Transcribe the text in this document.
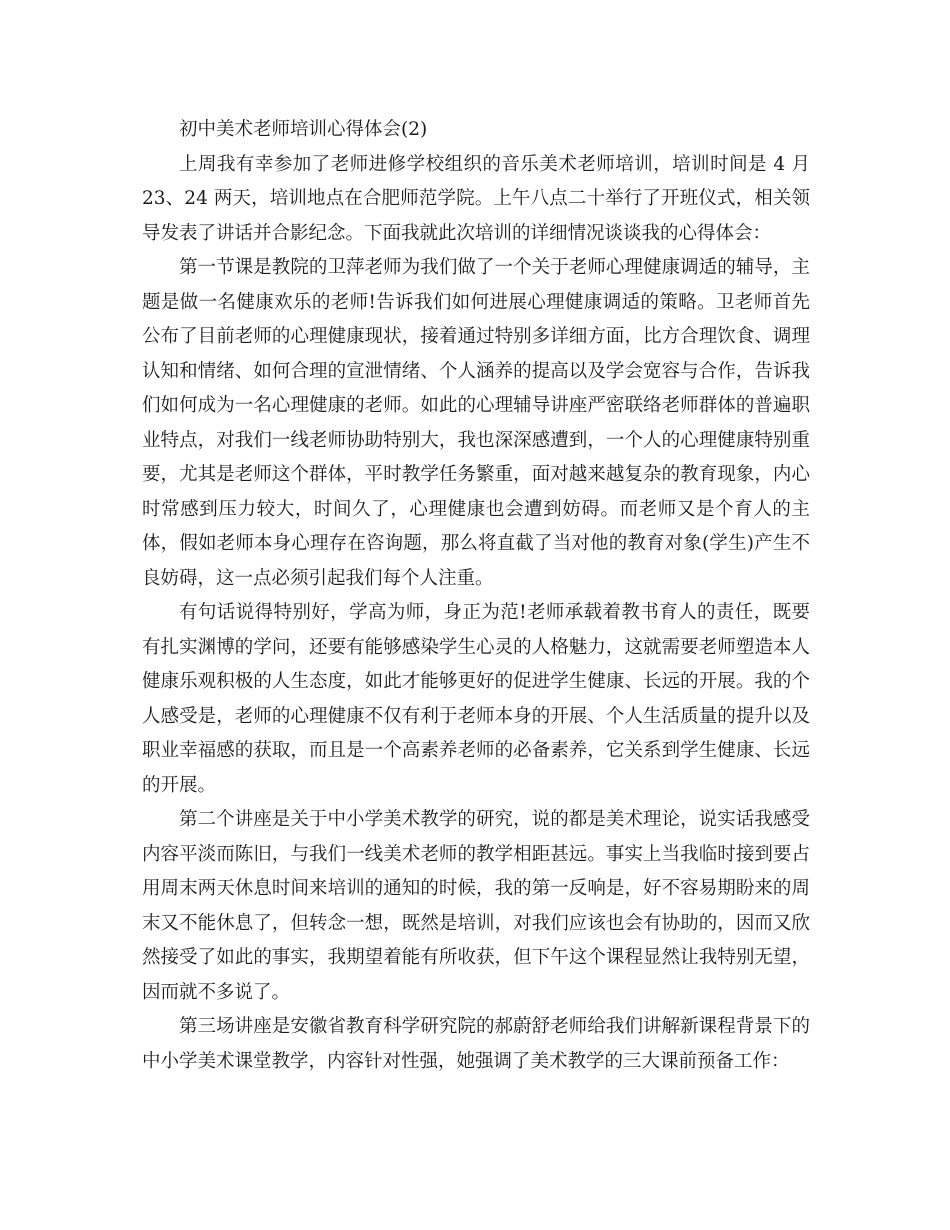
初中美术老师培训心得体会(2)

上周我有幸参加了老师进修学校组织的音乐美术老师培训，培训时间是 4 月 23、24 两天，培训地点在合肥师范学院。上午八点二十举行了开班仪式，相关领导发表了讲话并合影纪念。下面我就此次培训的详细情况谈谈我的心得体会：

第一节课是教院的卫萍老师为我们做了一个关于老师心理健康调适的辅导，主题是做一名健康欢乐的老师!告诉我们如何进展心理健康调适的策略。卫老师首先公布了目前老师的心理健康现状，接着通过特别多详细方面，比方合理饮食、调理认知和情绪、如何合理的宣泄情绪、个人涵养的提高以及学会宽容与合作，告诉我们如何成为一名心理健康的老师。如此的心理辅导讲座严密联络老师群体的普遍职业特点，对我们一线老师协助特别大，我也深深感遭到，一个人的心理健康特别重要，尤其是老师这个群体，平时教学任务繁重，面对越来越复杂的教育现象，内心时常感到压力较大，时间久了，心理健康也会遭到妨碍。而老师又是个育人的主体，假如老师本身心理存在咨询题，那么将直截了当对他的教育对象(学生)产生不良妨碍，这一点必须引起我们每个人注重。

有句话说得特别好，学高为师，身正为范!老师承载着教书育人的责任，既要有扎实渊博的学问，还要有能够感染学生心灵的人格魅力，这就需要老师塑造本人健康乐观积极的人生态度，如此才能够更好的促进学生健康、长远的开展。我的个人感受是，老师的心理健康不仅有利于老师本身的开展、个人生活质量的提升以及职业幸福感的获取，而且是一个高素养老师的必备素养，它关系到学生健康、长远的开展。

第二个讲座是关于中小学美术教学的研究，说的都是美术理论，说实话我感受内容平淡而陈旧，与我们一线美术老师的教学相距甚远。事实上当我临时接到要占用周末两天休息时间来培训的通知的时候，我的第一反响是，好不容易期盼来的周末又不能休息了，但转念一想，既然是培训，对我们应该也会有协助的，因而又欣然接受了如此的事实，我期望着能有所收获，但下午这个课程显然让我特别无望，因而就不多说了。

第三场讲座是安徽省教育科学研究院的郝蔚舒老师给我们讲解新课程背景下的中小学美术课堂教学，内容针对性强，她强调了美术教学的三大课前预备工作：
